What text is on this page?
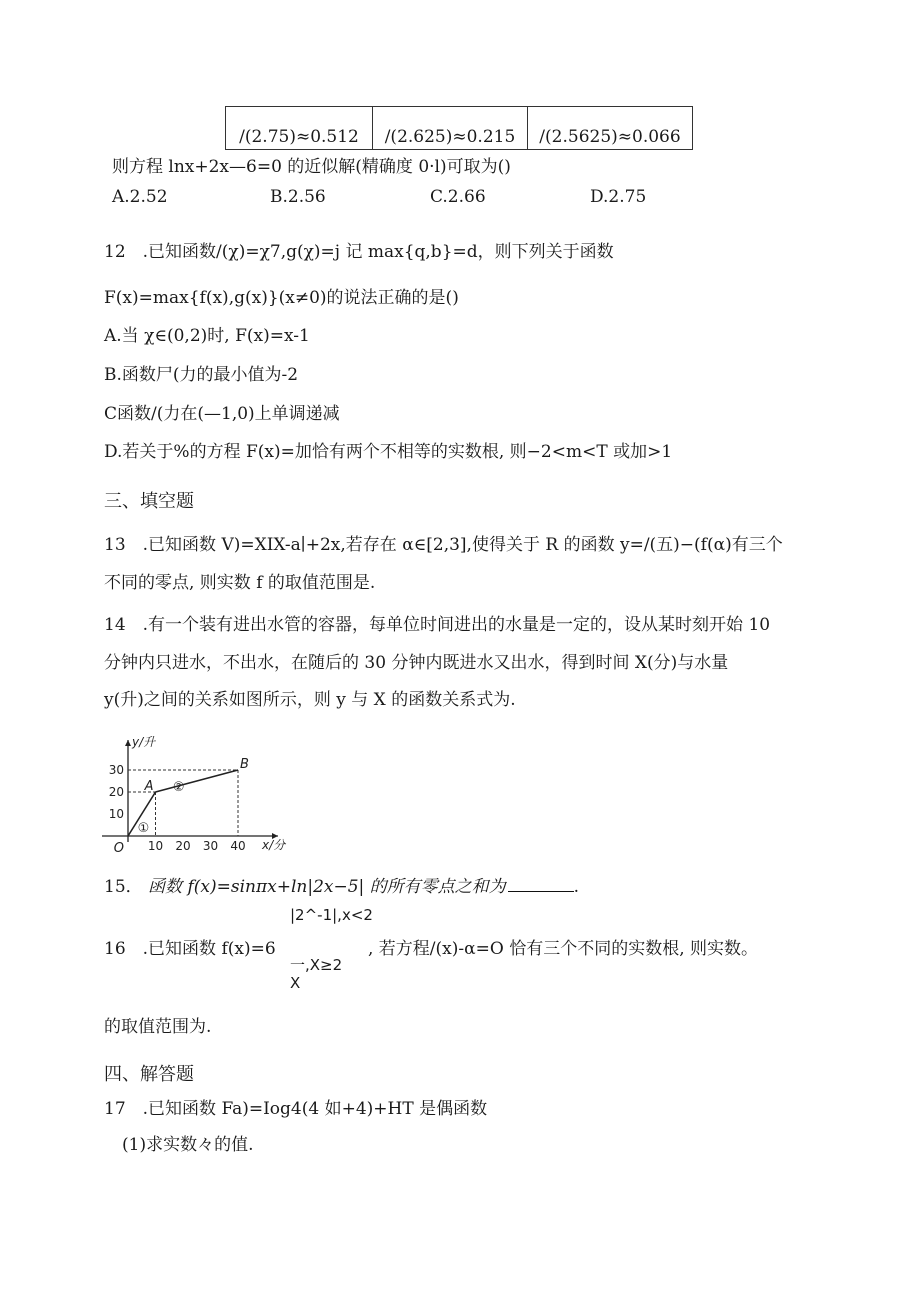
/(2.75)≈0.512	/(2.625)≈0.215	/(2.5625)≈0.066
则方程 lnx+2x—6=0 的近似解(精确度 0·l)可取为()
A.2.52	B.2.56	C.2.66	D.2.75
12　.已知函数/(χ)=χ7,g(χ)=j 记 max{q,b}=d，则下列关于函数
F(x)=max{f(x),g(x)}(x≠0)的说法正确的是()
A.当 χ∈(0,2)时, F(x)=x-1
B.函数尸(力的最小值为-2
C函数/(力在(—1,0)上单调递减
D.若关于%的方程 F(x)=加恰有两个不相等的实数根, 则−2<m<T 或加>1
三、填空题
13　.已知函数 V)=XIX-a∣+2x,若存在 α∈[2,3],使得关于 R 的函数 y=/(五)−(f(α)有三个
不同的零点, 则实数 f 的取值范围是.
14　.有一个装有进出水管的容器，每单位时间进出的水量是一定的，设从某时刻开始 10
分钟内只进水，不出水，在随后的 30 分钟内既进水又出水，得到时间 X(分)与水量
y(升)之间的关系如图所示，则 y 与 X 的函数关系式为.
x/分
y/升
10 20 30 40
10
20
30
O
A
B
①
②
15． 函数 f(x)=sinπx+ln|2x−5| 的所有零点之和为	.
|2^-1|,x<2
16　.已知函数 f(x)=6	, 若方程/(x)-α=O 恰有三个不同的实数根, 则实数。
一,X≥2
X
的取值范围为.
四、解答题
17　.已知函数 Fa)=Iog4(4 如+4)+HT 是偶函数
(1)求实数々的值.
